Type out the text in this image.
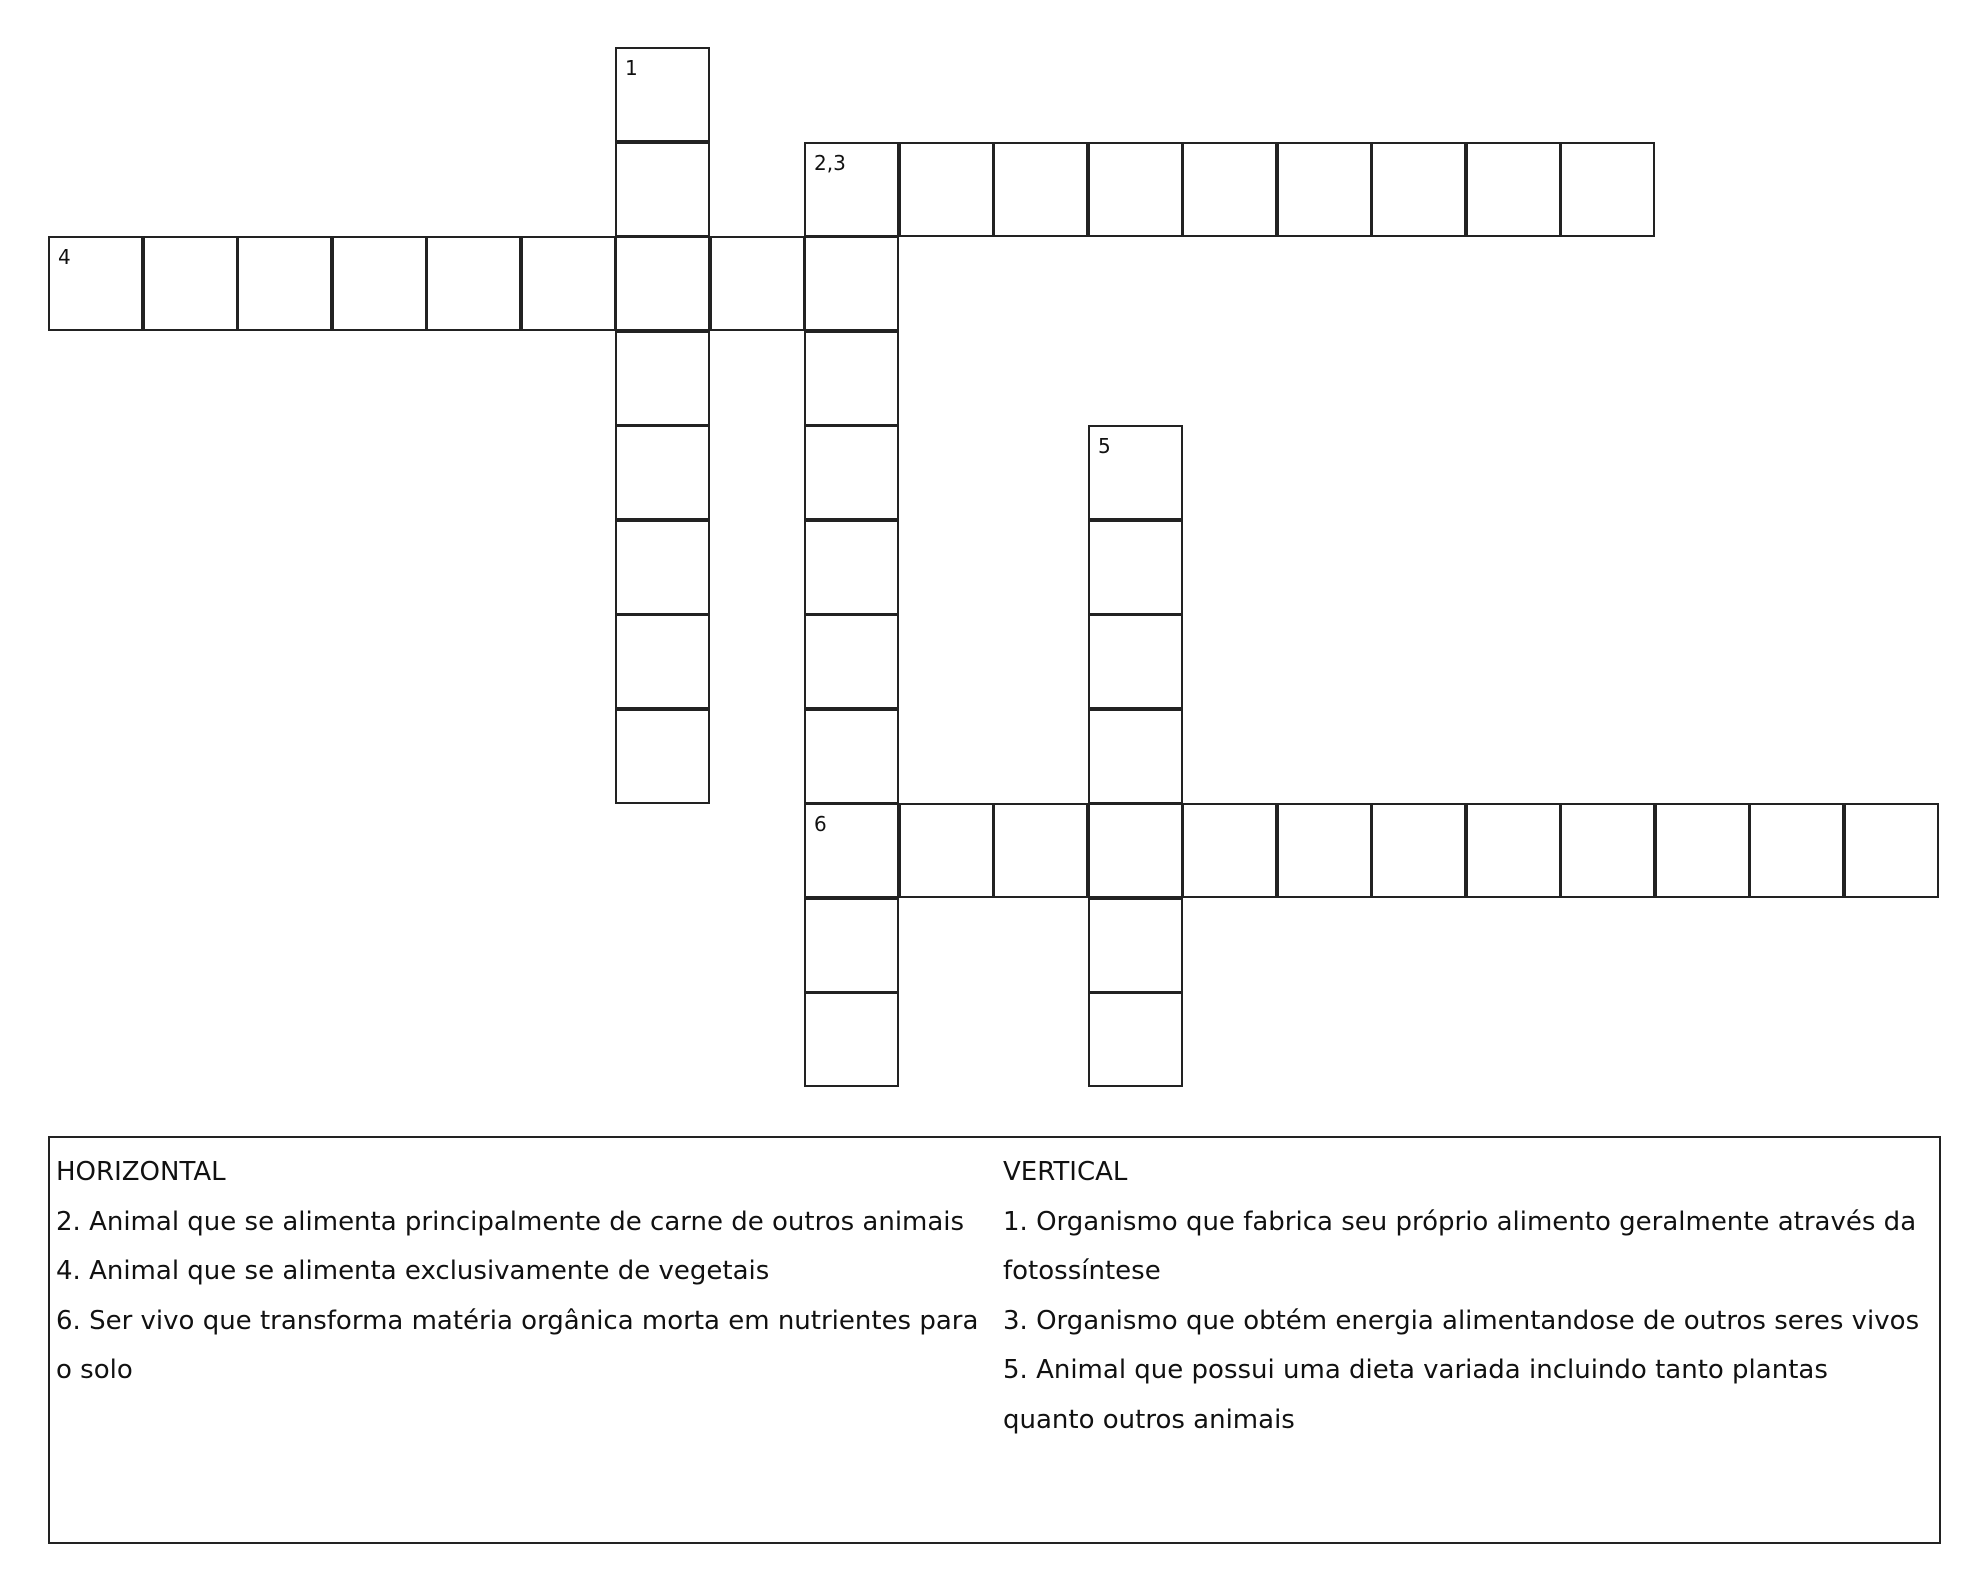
1
2,3
6
4
5
HORIZONTAL
2. Animal que se alimenta principalmente de carne de outros animais
4. Animal que se alimenta exclusivamente de vegetais
6. Ser vivo que transforma matéria orgânica morta em nutrientes para o solo
VERTICAL
1. Organismo que fabrica seu próprio alimento geralmente através da fotossíntese
3. Organismo que obtém energia alimentandose de outros seres vivos
5. Animal que possui uma dieta variada incluindo tanto plantas quanto outros animais
